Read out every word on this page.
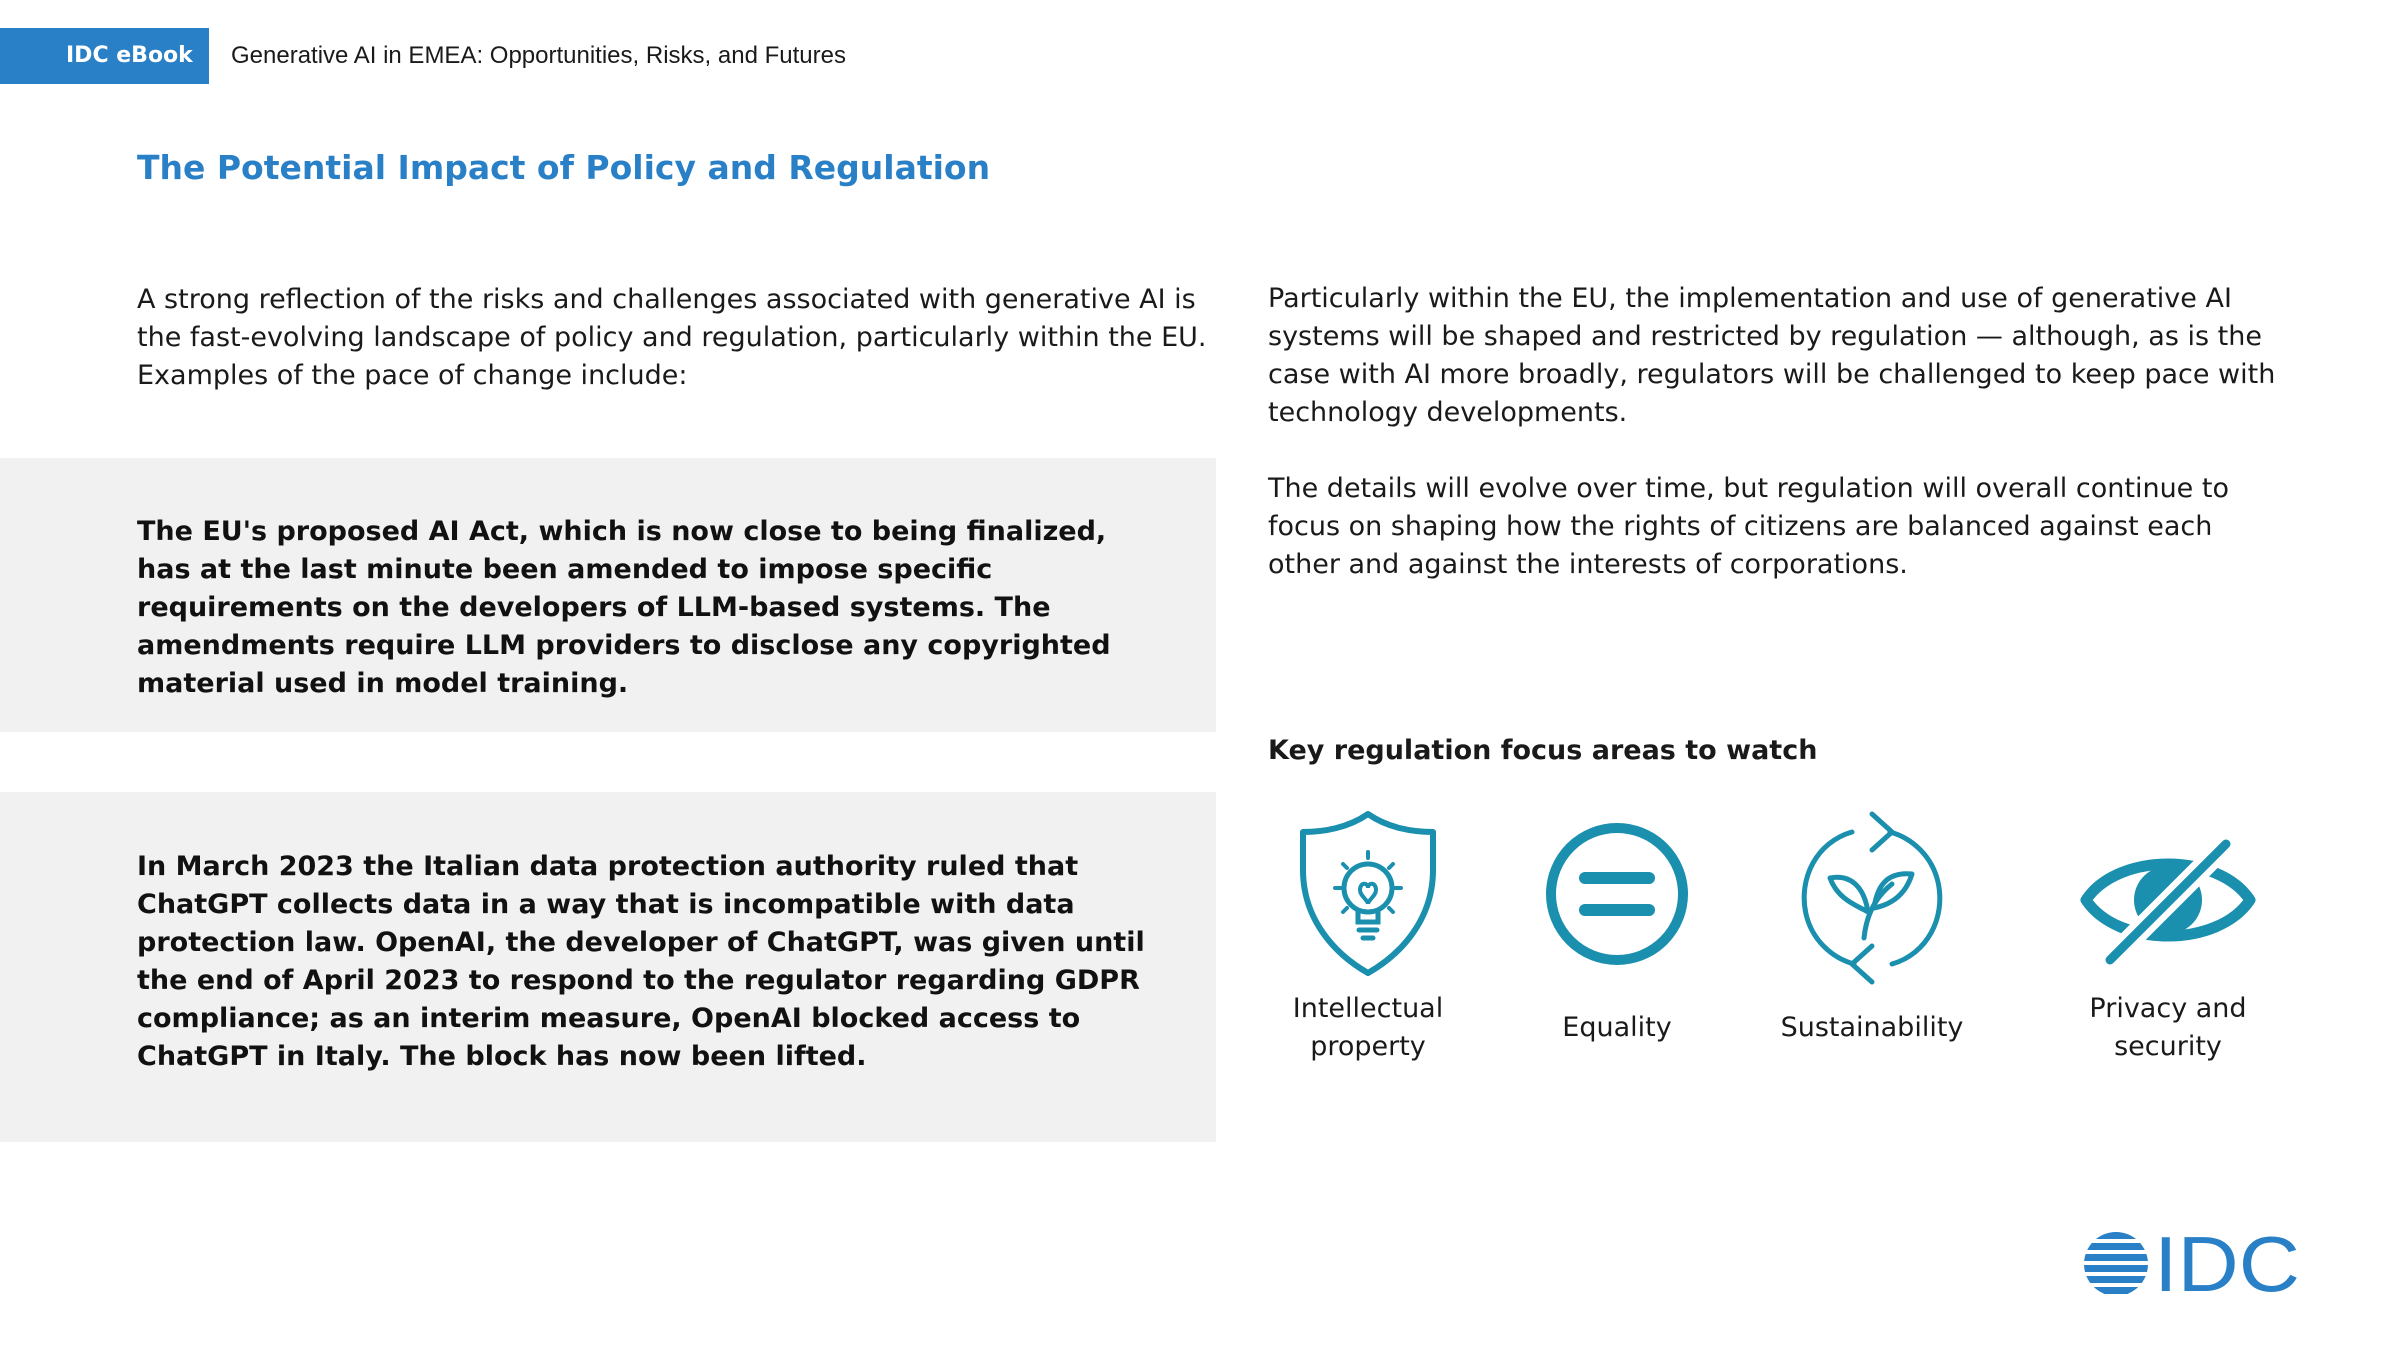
IDC eBook	Generative AI in EMEA: Opportunities, Risks, and Futures
The Potential Impact of Policy and Regulation
A strong reflection of the risks and challenges associated with generative AI is the fast-evolving landscape of policy and regulation, particularly within the EU. Examples of the pace of change include:
The EU's proposed AI Act, which is now close to being finalized, has at the last minute been amended to impose specific requirements on the developers of LLM-based systems. The amendments require LLM providers to disclose any copyrighted material used in model training.
In March 2023 the Italian data protection authority ruled that ChatGPT collects data in a way that is incompatible with data protection law. OpenAI, the developer of ChatGPT, was given until the end of April 2023 to respond to the regulator regarding GDPR compliance; as an interim measure, OpenAI blocked access to ChatGPT in Italy. The block has now been lifted.
Particularly within the EU, the implementation and use of generative AI systems will be shaped and restricted by regulation — although, as is the case with AI more broadly, regulators will be challenged to keep pace with technology developments.
The details will evolve over time, but regulation will overall continue to focus on shaping how the rights of citizens are balanced against each other and against the interests of corporations.
Key regulation focus areas to watch
Intellectual property
Equality	Sustainability
Privacy and security
IDC
